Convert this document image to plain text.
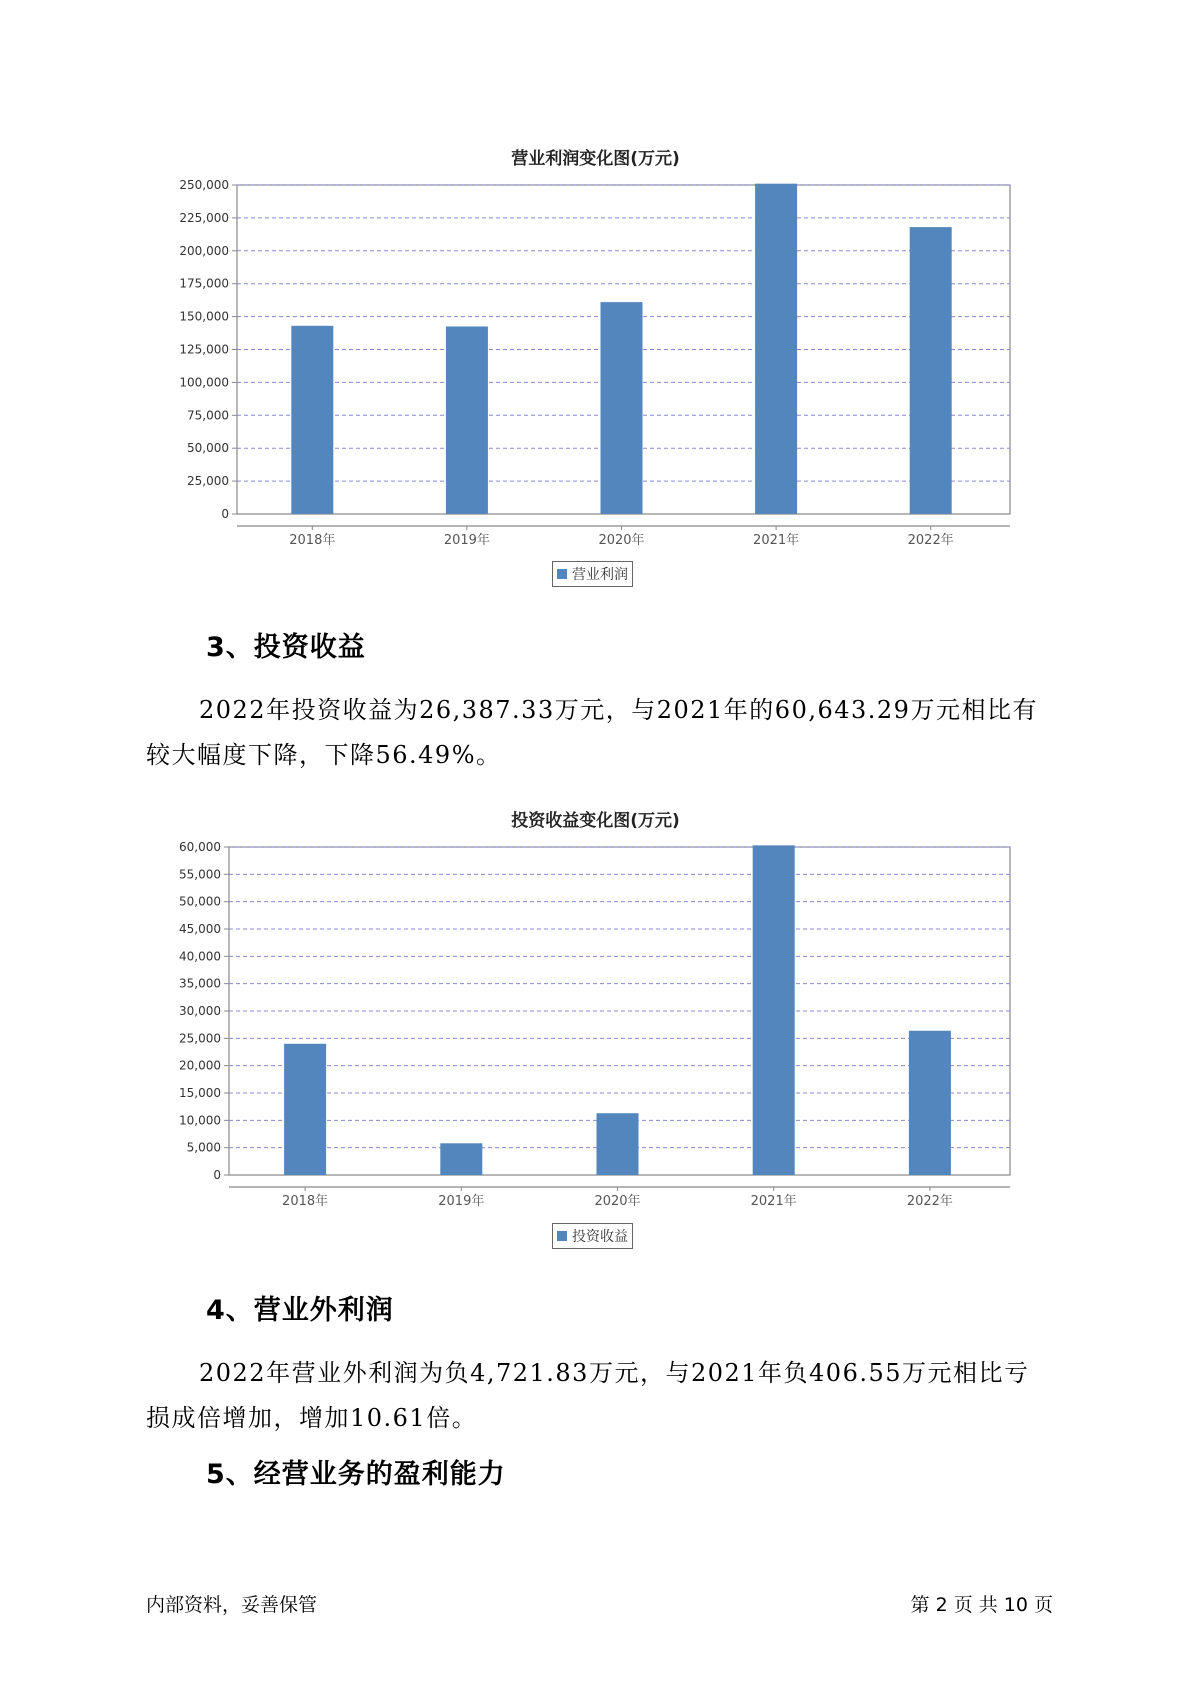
营业利润变化图(万元)
0
25,000
50,000
75,000
100,000
125,000
150,000
175,000
200,000
225,000
250,000
2018年	2019年	2020年	2021年	2022年
营业利润
3、投资收益

2022年投资收益为26,387.33万元，与2021年的60,643.29万元相比有较大幅度下降，下降56.49%。

投资收益变化图(万元)
0
5,000
10,000
15,000
20,000
25,000
30,000
35,000
40,000
45,000
50,000
55,000
60,000
2018年	2019年	2020年	2021年	2022年
投资收益
4、营业外利润

2022年营业外利润为负4,721.83万元，与2021年负406.55万元相比亏损成倍增加，增加10.61倍。

5、经营业务的盈利能力
内部资料，妥善保管	第 2 页 共 10 页
